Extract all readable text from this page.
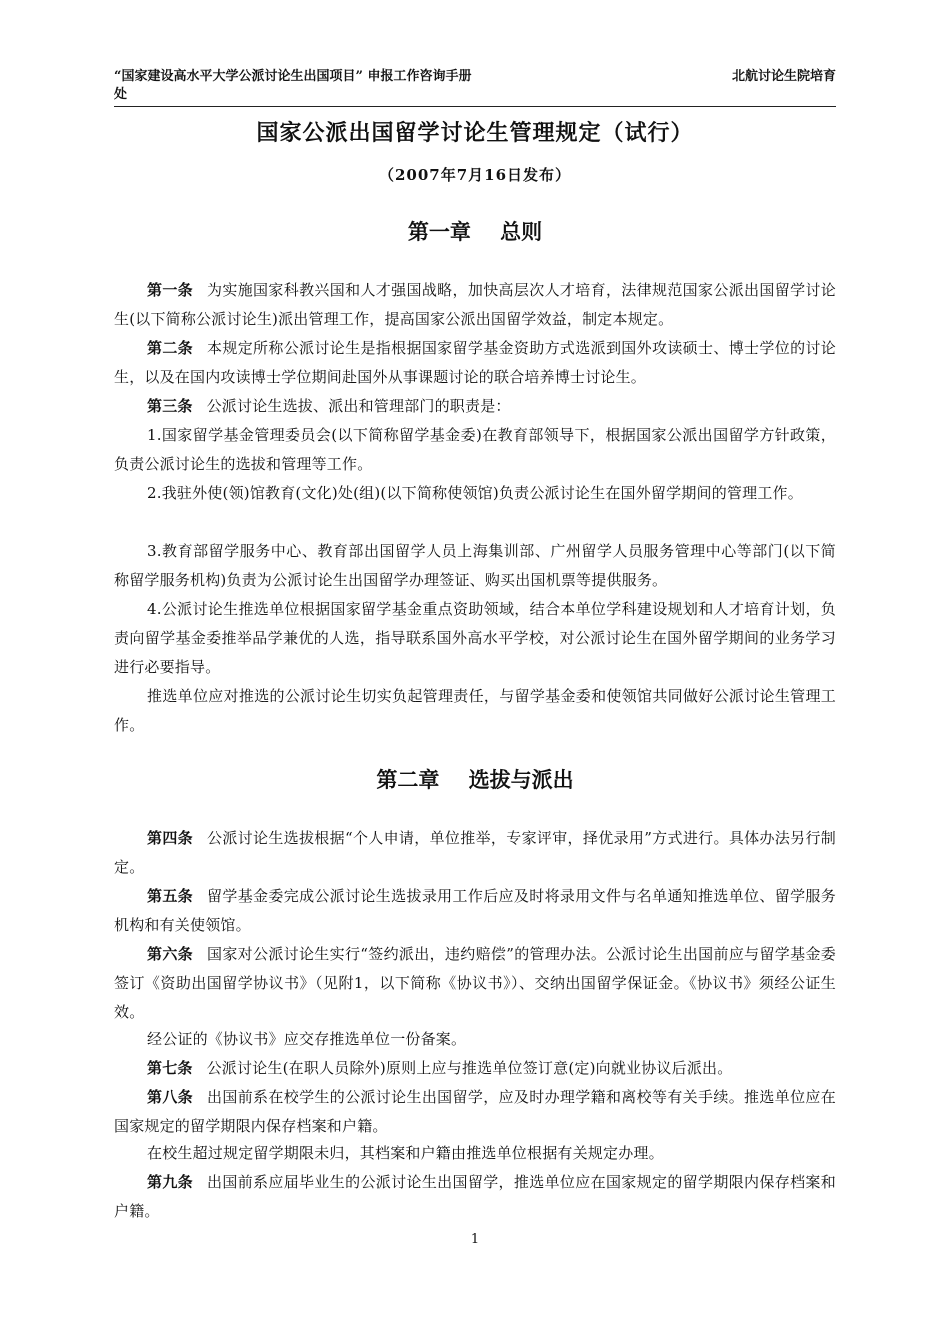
“国家建设高水平大学公派讨论生出国项目” 申报工作咨询手册	北航讨论生院培育
处
国家公派出国留学讨论生管理规定（试行）
（2007年7月16日发布）
第一章 总则
第一条 为实施国家科教兴国和人才强国战略，加快高层次人才培育，法律规范国家公派出国留学讨论生(以下简称公派讨论生)派出管理工作，提高国家公派出国留学效益，制定本规定。
第二条 本规定所称公派讨论生是指根据国家留学基金资助方式选派到国外攻读硕士、博士学位的讨论生，以及在国内攻读博士学位期间赴国外从事课题讨论的联合培养博士讨论生。
第三条 公派讨论生选拔、派出和管理部门的职责是：
1.国家留学基金管理委员会(以下简称留学基金委)在教育部领导下，根据国家公派出国留学方针政策，负责公派讨论生的选拔和管理等工作。
2.我驻外使(领)馆教育(文化)处(组)(以下简称使领馆)负责公派讨论生在国外留学期间的管理工作。
3.教育部留学服务中心、教育部出国留学人员上海集训部、广州留学人员服务管理中心等部门(以下简称留学服务机构)负责为公派讨论生出国留学办理签证、购买出国机票等提供服务。
4.公派讨论生推选单位根据国家留学基金重点资助领域，结合本单位学科建设规划和人才培育计划，负责向留学基金委推举品学兼优的人选，指导联系国外高水平学校，对公派讨论生在国外留学期间的业务学习进行必要指导。
推选单位应对推选的公派讨论生切实负起管理责任，与留学基金委和使领馆共同做好公派讨论生管理工作。
第二章 选拔与派出
第四条 公派讨论生选拔根据“个人申请，单位推举，专家评审，择优录用”方式进行。具体办法另行制定。
第五条 留学基金委完成公派讨论生选拔录用工作后应及时将录用文件与名单通知推选单位、留学服务机构和有关使领馆。
第六条 国家对公派讨论生实行“签约派出，违约赔偿”的管理办法。公派讨论生出国前应与留学基金委签订《资助出国留学协议书》（见附1，以下简称《协议书》）、交纳出国留学保证金。《协议书》须经公证生效。
经公证的《协议书》应交存推选单位一份备案。
第七条 公派讨论生(在职人员除外)原则上应与推选单位签订意(定)向就业协议后派出。
第八条 出国前系在校学生的公派讨论生出国留学，应及时办理学籍和离校等有关手续。推选单位应在国家规定的留学期限内保存档案和户籍。
在校生超过规定留学期限未归，其档案和户籍由推选单位根据有关规定办理。
第九条 出国前系应届毕业生的公派讨论生出国留学，推选单位应在国家规定的留学期限内保存档案和户籍。
1
